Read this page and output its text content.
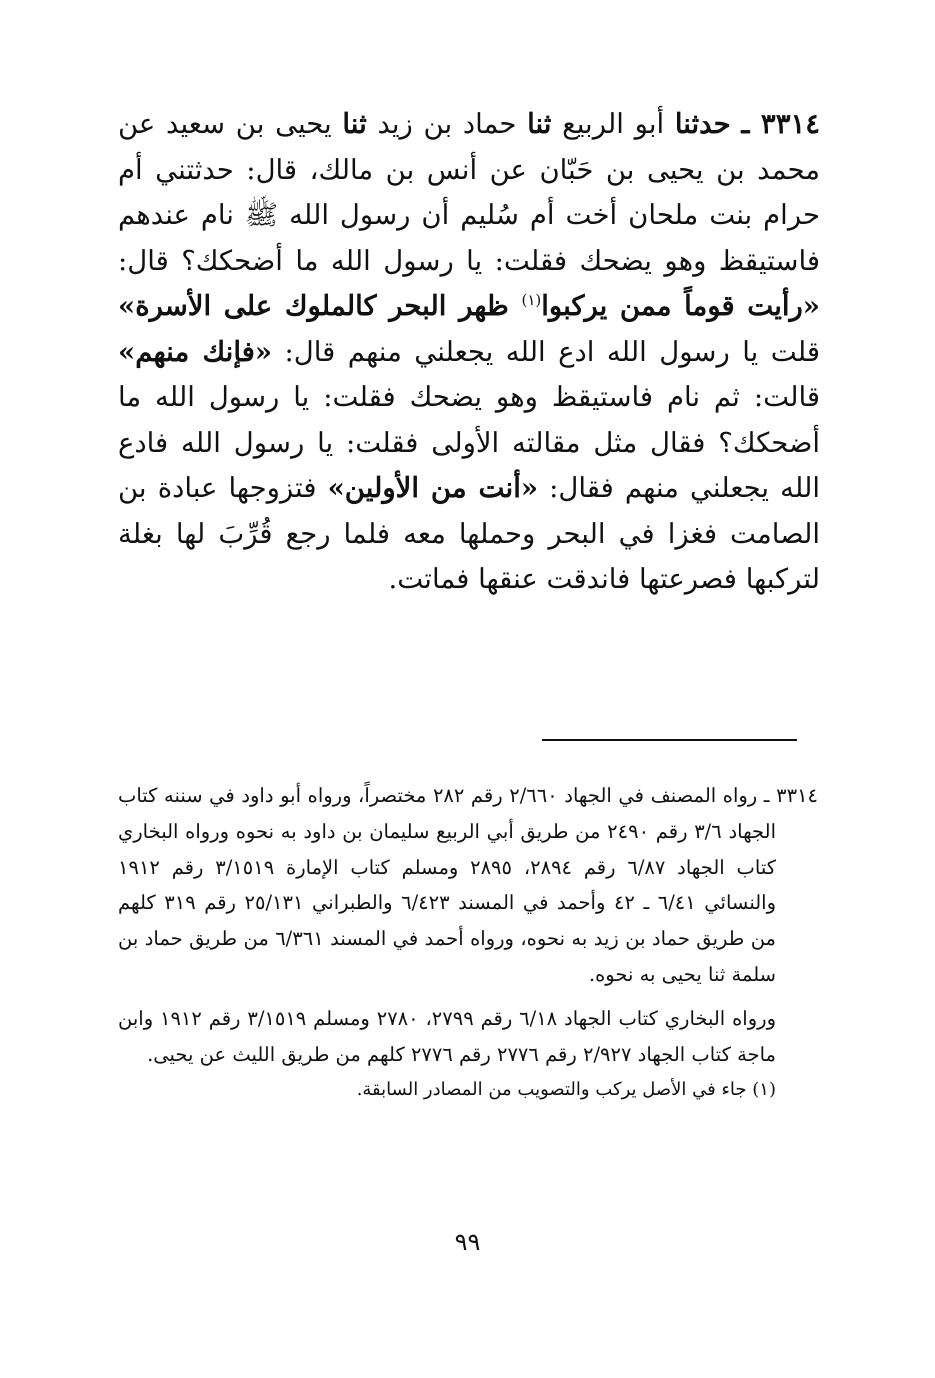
٣٣١٤ ـ حدثنا أبو الربيع ثنا حماد بن زيد ثنا يحيى بن سعيد عن محمد بن يحيى بن حَبّان عن أنس بن مالك، قال: حدثتني أم حرام بنت ملحان أخت أم سُليم أن رسول الله ﷺ نام عندهم فاستيقظ وهو يضحك فقلت: يا رسول الله ما أضحكك؟ قال: «رأيت قوماً ممن يركبوا$^{(١)}$ ظهر البحر كالملوك على الأسرة» قلت يا رسول الله ادع الله يجعلني منهم قال: «فإنك منهم» قالت: ثم نام فاستيقظ وهو يضحك فقلت: يا رسول الله ما أضحكك؟ فقال مثل مقالته الأولى فقلت: يا رسول الله فادع الله يجعلني منهم فقال: «أنت من الأولين» فتزوجها عبادة بن الصامت فغزا في البحر وحملها معه فلما رجع قُرِّبَ لها بغلة لتركبها فصرعتها فاندقت عنقها فماتت.

٣٣١٤ ـ رواه المصنف في الجهاد ٢/٦٦٠ رقم ٢٨٢ مختصراً، ورواه أبو داود في سننه كتاب الجهاد ٣/٦ رقم ٢٤٩٠ من طريق أبي الربيع سليمان بن داود به نحوه ورواه البخاري كتاب الجهاد ٦/٨٧ رقم ٢٨٩٤، ٢٨٩٥ ومسلم كتاب الإمارة ٣/١٥١٩ رقم ١٩١٢ والنسائي ٦/٤١ ـ ٤٢ وأحمد في المسند ٦/٤٢٣ والطبراني ٢٥/١٣١ رقم ٣١٩ كلهم من طريق حماد بن زيد به نحوه، ورواه أحمد في المسند ٦/٣٦١ من طريق حماد بن سلمة ثنا يحيى به نحوه.

ورواه البخاري كتاب الجهاد ٦/١٨ رقم ٢٧٩٩، ٢٧٨٠ ومسلم ٣/١٥١٩ رقم ١٩١٢ وابن ماجة كتاب الجهاد ٢/٩٢٧ رقم ٢٧٧٦ رقم ٢٧٧٦ كلهم من طريق الليث عن يحيى.

(١) جاء في الأصل يركب والتصويب من المصادر السابقة.

٩٩
